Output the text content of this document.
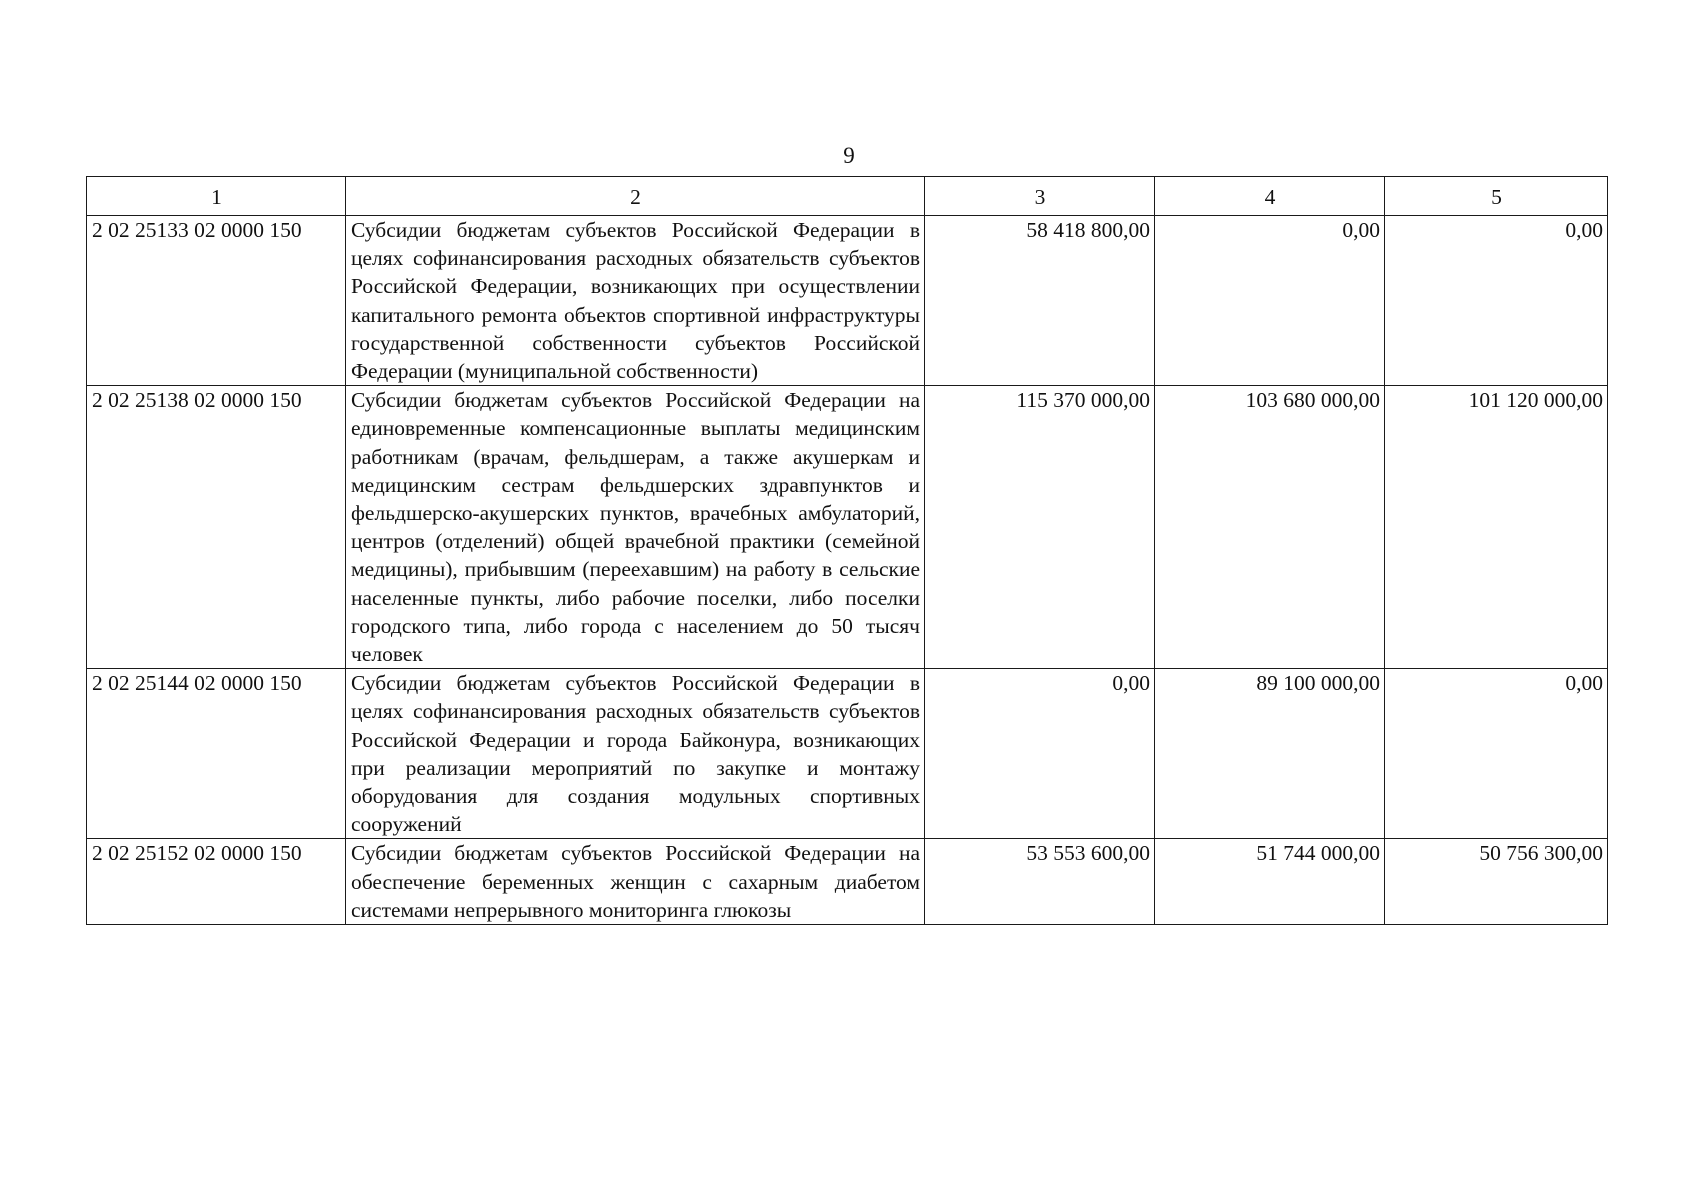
9
1	2	3	4	5
2 02 25133 02 0000 150	Субсидии бюджетам субъектов Российской Федерации в целях софинансирования расходных обязательств субъектов Российской Федерации, возникающих при осуществлении капитального ремонта объектов спортивной инфраструктуры государственной собственности субъектов Российской Федерации (муниципальной собственности)	58 418 800,00	0,00	0,00
2 02 25138 02 0000 150	Субсидии бюджетам субъектов Российской Федерации на единовременные компенсационные выплаты медицинским работникам (врачам, фельдшерам, а также акушеркам и медицинским сестрам фельдшерских здравпунктов и фельдшерско-акушерских пунктов, врачебных амбулаторий, центров (отделений) общей врачебной практики (семейной медицины), прибывшим (переехавшим) на работу в сельские населенные пункты, либо рабочие поселки, либо поселки городского типа, либо города с населением до 50 тысяч человек	115 370 000,00	103 680 000,00	101 120 000,00
2 02 25144 02 0000 150	Субсидии бюджетам субъектов Российской Федерации в целях софинансирования расходных обязательств субъектов Российской Федерации и города Байконура, возникающих при реализации мероприятий по закупке и монтажу оборудования для создания модульных спортивных сооружений	0,00	89 100 000,00	0,00
2 02 25152 02 0000 150	Субсидии бюджетам субъектов Российской Федерации на обеспечение беременных женщин с сахарным диабетом системами непрерывного мониторинга глюкозы	53 553 600,00	51 744 000,00	50 756 300,00
